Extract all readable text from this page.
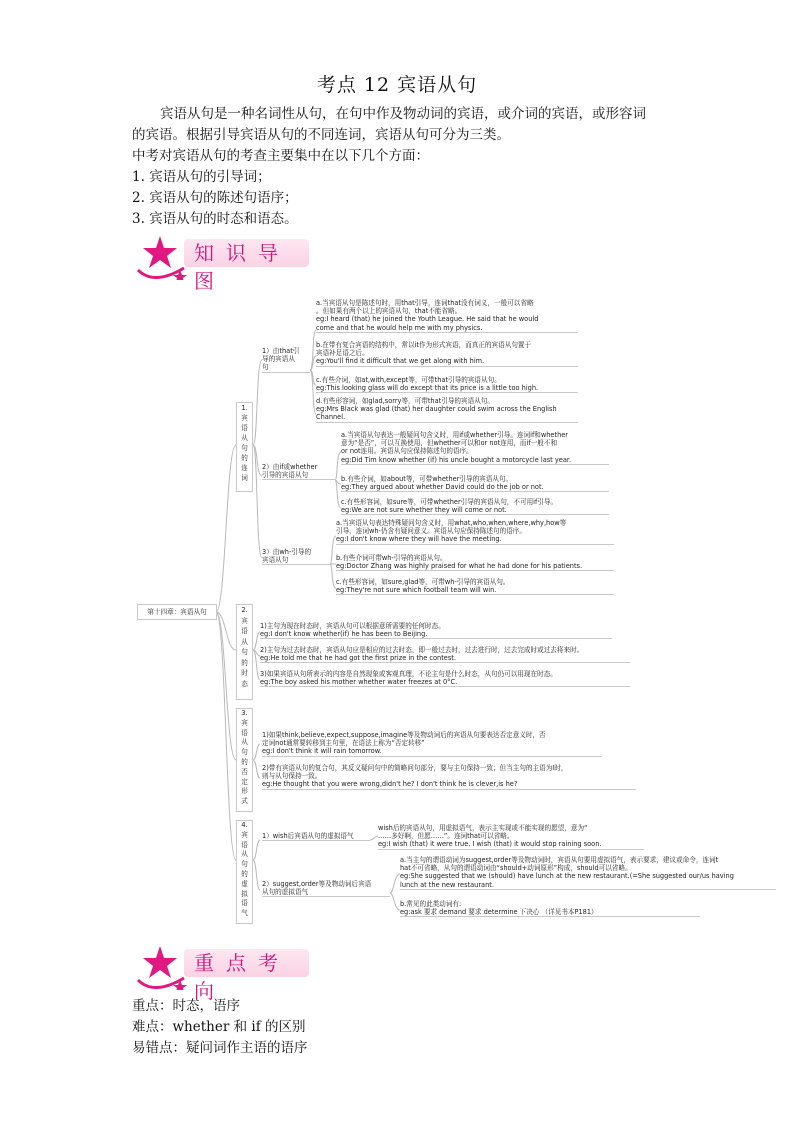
考点 12 宾语从句
宾语从句是一种名词性从句，在句中作及物动词的宾语，或介词的宾语，或形容词
的宾语。根据引导宾语从句的不同连词，宾语从句可分为三类。
中考对宾语从句的考查主要集中在以下几个方面：
1. 宾语从句的引导词；
2. 宾语从句的陈述句语序；
3. 宾语从句的时态和语态。
知识导图
第十四章：宾语从句
1.
宾
语
从
句
的
连
词
2.
宾
语
从
句
的
时
态
3.
宾
语
从
句
的
否
定
形
式
4.
宾
语
从
句
的
虚
拟
语
气
1）由that引
导的宾语从
句
2）由if或whether
引导的宾语从句
3）由wh-引导的
宾语从句
a.当宾语从句是陈述句时，用that引导，连词that没有词义，一般可以省略
。但如果有两个以上的宾语从句，that不能省略。
eg:I heard (that) he joined the Youth League. He said that he would
come and that he would help me with my physics.
b.在带有复合宾语的结构中，常以it作为形式宾语，而真正的宾语从句置于
宾语补足语之后。
eg:You'll find it difficult that we get along with him.
c.有些介词，如at,with,except等，可带that引导的宾语从句。
eg:This looking glass will do except that its price is a little too high.
d.有些形容词，如glad,sorry等，可带that引导的宾语从句。
eg:Mrs Black was glad (that) her daughter could swim across the English
Channel.
a.当宾语从句表达一般疑问句含义时，用if或whether引导。连词if和whether
意为“是否”，可以互换使用，但whether可以和or not连用，而if一般不和
or not连用。宾语从句应保持陈述句的语序。
eg:Did Tim know whether (if) his uncle bought a motorcycle last year.
b.有些介词，如about等，可带whether引导的宾语从句。
eg:They argued about whether David could do the job or not.
c.有些形容词，如sure等，可带whether引导的宾语从句，不可用if引导。
eg:We are not sure whether they will come or not.
a.当宾语从句表达特殊疑问句含义时，用what,who,when,where,why,how等
引导，连词wh-仍含有疑问意义。宾语从句应保持陈述句的语序。
eg:I don't know where they will have the meeting.
b.有些介词可带wh-引导的宾语从句。
eg:Doctor Zhang was highly praised for what he had done for his patients.
c.有些形容词，如sure,glad等，可带wh-引导的宾语从句。
eg:They're not sure which football team will win.
1)主句为现在时态时，宾语从句可以根据意所需要的任何时态。
eg:I don't know whether(if) he has been to Beijing.
2)主句为过去时态时，宾语从句应是相应的过去时态，即一般过去时，过去进行时，过去完成时或过去将来时。
eg:He told me that he had got the first prize in the contest.
3)如果宾语从句所表示的内容是自然现象或客观真理，不论主句是什么时态，从句仍可以用现在时态。
eg:The boy asked his mother whether water freezes at 0°C.
1)如果think,believe,expect,suppose,imagine等及物动词后的宾语从句要表达否定意义时，否
定词not通常要转移到主句里，在语法上称为“否定转移”
eg:I don't think it will rain tomorrow.
2)带有宾语从句的复合句，其反义疑问句中的简略问句部分，要与主句保持一致；但当主句的主语为I时，
则与从句保持一致。
eg:He thought that you were wrong,didn't he? I don't think he is clever,is he?
1）wish后宾语从句的虚拟语气
2）suggest,order等及物动词后宾语
从句的虚拟语气
wish后的宾语从句，用虚拟语气，表示主实现或不能实现的愿望，意为“
……多好啊，但愿……”。连词that可以省略。
eg:I wish (that) it were true. I wish (that) it would stop raining soon.
a.当主句的谓语动词为suggest,order等及物动词时，宾语从句要用虚拟语气，表示要求，建议或命令，连词t
hat不可省略，从句的谓语动词由“should+动词原形”构成，should可以省略。
eg:She suggested that we (should) have lunch at the new restaurant.(=She suggested our/us having
lunch at the new restaurant.
b.常见的此类动词有:
eg:ask 要求 demand 要求 determine 下决心 （详见书本P181）
重点考向
重点：时态，语序
难点：whether 和 if 的区别
易错点：疑问词作主语的语序
